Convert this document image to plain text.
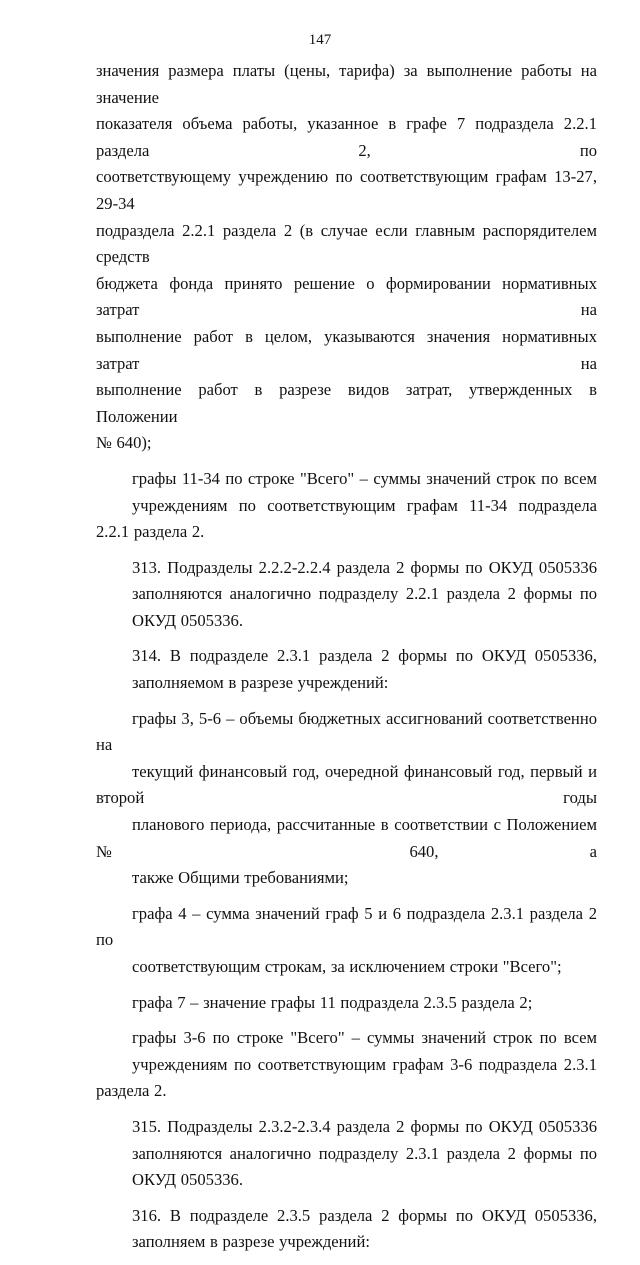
147

значения размера платы (цены, тарифа) за выполнение работы на значение
показателя объема работы, указанное в графе 7 подраздела 2.2.1 раздела 2, по
соответствующему учреждению по соответствующим графам 13-27, 29-34
подраздела 2.2.1 раздела 2 (в случае если главным распорядителем средств
бюджета фонда принято решение о формировании нормативных затрат на
выполнение работ в целом, указываются значения нормативных затрат на
выполнение работ в разрезе видов затрат, утвержденных в Положении
№ 640);

графы 11-34 по строке "Всего" – суммы значений строк по всем
учреждениям по соответствующим графам 11-34 подраздела 2.2.1 раздела 2.

313. Подразделы 2.2.2-2.2.4 раздела 2 формы по ОКУД 0505336
заполняются аналогично подразделу 2.2.1 раздела 2 формы по
ОКУД 0505336.

314. В подразделе 2.3.1 раздела 2 формы по ОКУД 0505336,
заполняемом в разрезе учреждений:

графы 3, 5-6 – объемы бюджетных ассигнований соответственно на
текущий финансовый год, очередной финансовый год, первый и второй годы
планового периода, рассчитанные в соответствии с Положением № 640, а
также Общими требованиями;

графа 4 – сумма значений граф 5 и 6 подраздела 2.3.1 раздела 2 по
соответствующим строкам, за исключением строки "Всего";

графа 7 – значение графы 11 подраздела 2.3.5 раздела 2;

графы 3-6 по строке "Всего" – суммы значений строк по всем
учреждениям по соответствующим графам 3-6 подраздела 2.3.1 раздела 2.

315. Подразделы 2.3.2-2.3.4 раздела 2 формы по ОКУД 0505336
заполняются аналогично подразделу 2.3.1 раздела 2 формы по
ОКУД 0505336.

316. В подразделе 2.3.5 раздела 2 формы по ОКУД 0505336,
заполняем в разрезе учреждений:
